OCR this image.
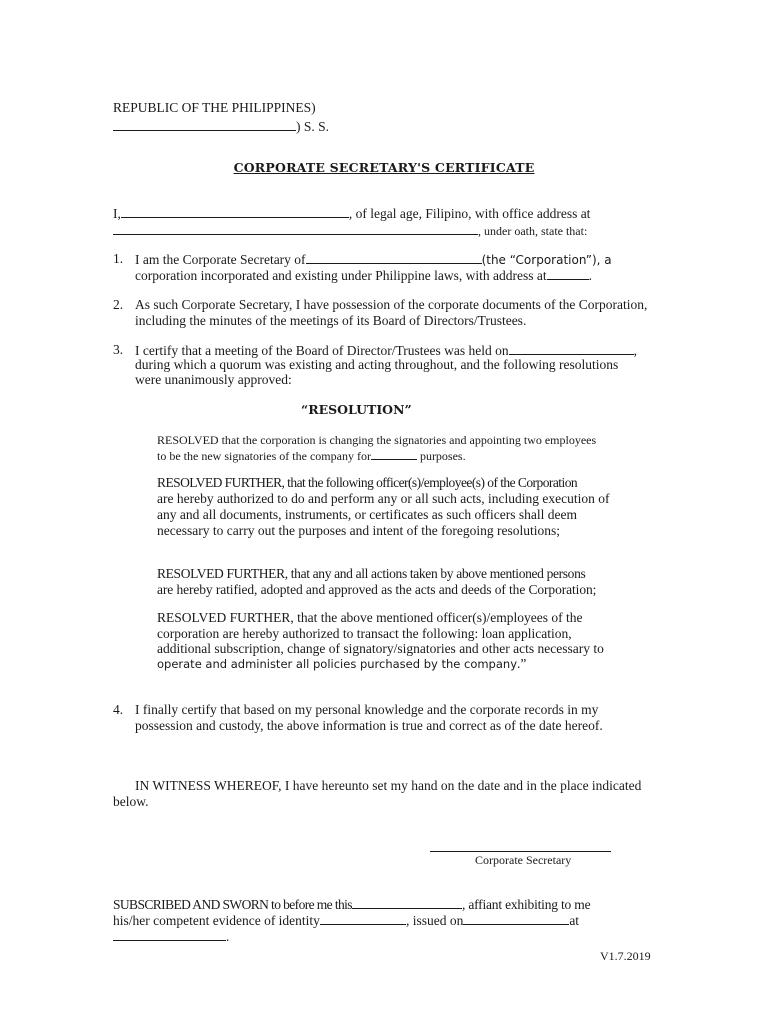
REPUBLIC OF THE PHILIPPINES)
) S. S.
CORPORATE SECRETARY'S CERTIFICATE
I,	, of legal age, Filipino, with office address at
, under oath, state that:
1. I am the Corporate Secretary of	(the “Corporation”), a
corporation incorporated and existing under Philippine laws, with address at	.
2. As such Corporate Secretary, I have possession of the corporate documents of the Corporation,
including the minutes of the meetings of its Board of Directors/Trustees.
3. I certify that a meeting of the Board of Director/Trustees was held on	,
during which a quorum was existing and acting throughout, and the following resolutions
were unanimously approved:
“RESOLUTION”
RESOLVED that the corporation is changing the signatories and appointing two employees
to be the new signatories of the company for	purposes.
RESOLVED FURTHER, that the following officer(s)/employee(s) of the Corporation
are hereby authorized to do and perform any or all such acts, including execution of
any and all documents, instruments, or certificates as such officers shall deem
necessary to carry out the purposes and intent of the foregoing resolutions;
RESOLVED FURTHER, that any and all actions taken by above mentioned persons
are hereby ratified, adopted and approved as the acts and deeds of the Corporation;
RESOLVED FURTHER, that the above mentioned officer(s)/employees of the
corporation are hereby authorized to transact the following: loan application,
additional subscription, change of signatory/signatories and other acts necessary to
operate and administer all policies purchased by the company.”
4. I finally certify that based on my personal knowledge and the corporate records in my
possession and custody, the above information is true and correct as of the date hereof.
IN WITNESS WHEREOF, I have hereunto set my hand on the date and in the place indicated
below.
Corporate Secretary
SUBSCRIBED AND SWORN to before me this	, affiant exhibiting to me
his/her competent evidence of identity	, issued on	at
.
V1.7.2019
